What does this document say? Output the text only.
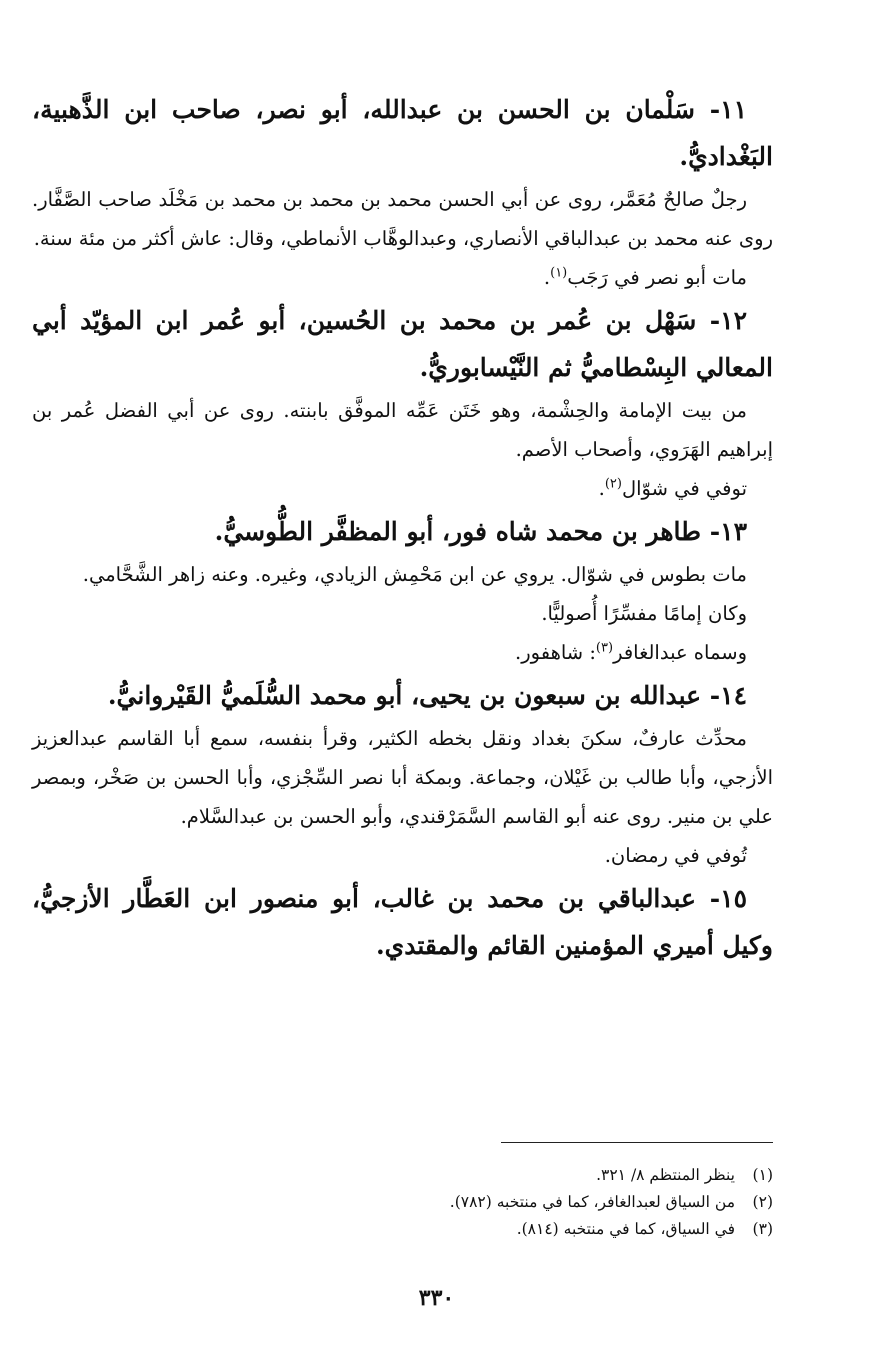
١١- سَلْمان بن الحسن بن عبدالله، أبو نصر، صاحب ابن الذَّهبية، البَغْداديُّ.

رجلٌ صالحٌ مُعَمَّر، روى عن أبي الحسن محمد بن محمد بن محمد بن مَخْلَد صاحب الصَّفَّار. روى عنه محمد بن عبدالباقي الأنصاري، وعبدالوهَّاب الأنماطي، وقال: عاش أكثر من مئة سنة.

مات أبو نصر في رَجَب$^{(١)}$.

١٢- سَهْل بن عُمر بن محمد بن الحُسين، أبو عُمر ابن المؤيّد أبي المعالي البِسْطاميُّ ثم النَّيْسابوريُّ.

من بيت الإمامة والحِشْمة، وهو خَتَن عَمِّه الموفَّق بابنته. روى عن أبي الفضل عُمر بن إبراهيم الهَرَوي، وأصحاب الأصم.

توفي في شوّال$^{(٢)}$.

١٣- طاهر بن محمد شاه فور، أبو المظفَّر الطُّوسيُّ.

مات بطوس في شوّال. يروي عن ابن مَحْمِش الزيادي، وغيره. وعنه زاهر الشَّحَّامي.

وكان إمامًا مفسِّرًا أُصوليًّا.

وسماه عبدالغافر$^{(٣)}$: شاهفور.

١٤- عبدالله بن سبعون بن يحيى، أبو محمد السُّلَميُّ القَيْروانيُّ.

محدِّث عارفٌ، سكنَ بغداد ونقل بخطه الكثير، وقرأ بنفسه، سمع أبا القاسم عبدالعزيز الأزجي، وأبا طالب بن غَيْلان، وجماعة. وبمكة أبا نصر السِّجْزي، وأبا الحسن بن صَخْر، وبمصر علي بن منير. روى عنه أبو القاسم السَّمَرْقندي، وأبو الحسن بن عبدالسَّلام.

تُوفي في رمضان.

١٥- عبدالباقي بن محمد بن غالب، أبو منصور ابن العَطَّار الأزجيُّ، وكيل أميري المؤمنين القائم والمقتدي.

(١)
ينظر المنتظم ٨/ ٣٢١.

(٢)
من السياق لعبدالغافر، كما في منتخبه (٧٨٢).

(٣)
في السياق، كما في منتخبه (٨١٤).

٣٣٠
